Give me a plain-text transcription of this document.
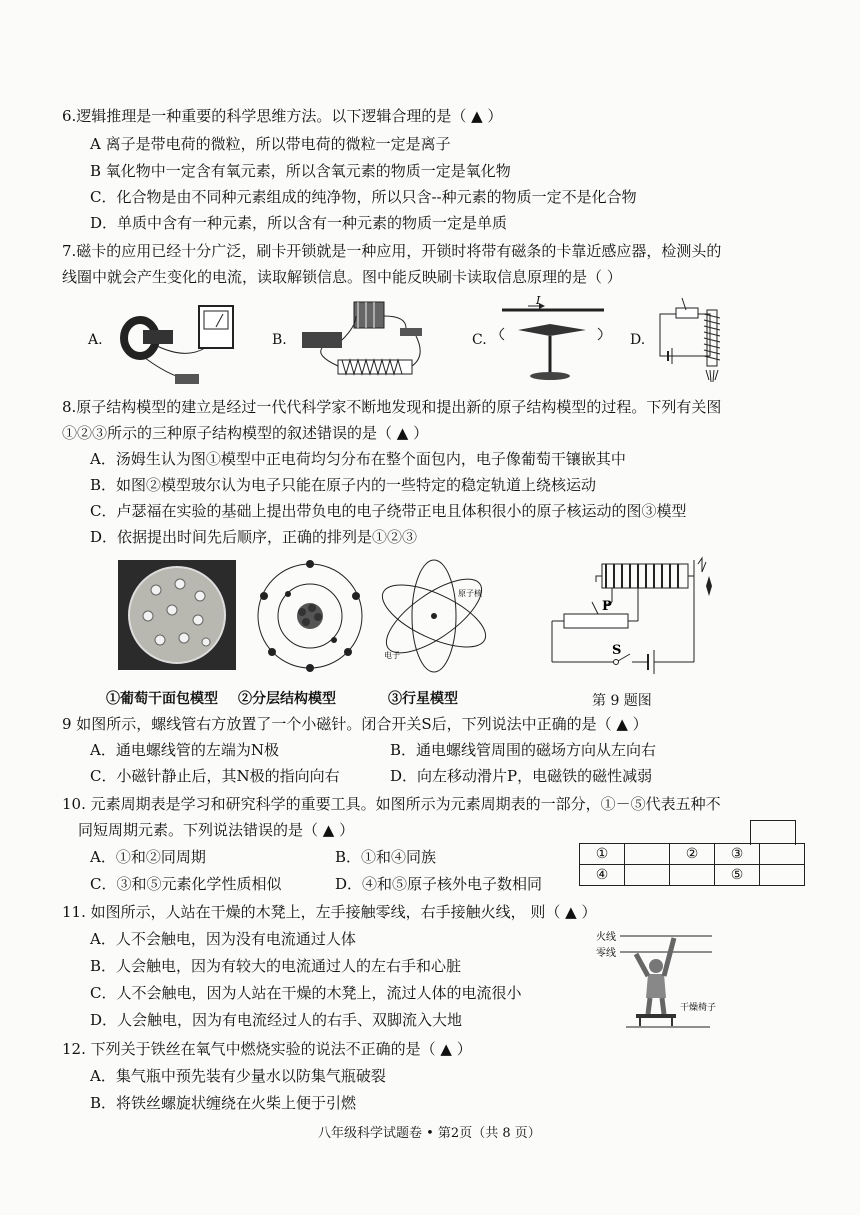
6.逻辑推理是一种重要的科学思维方法。以下逻辑合理的是（ ▲ ）
A 离子是带电荷的微粒，所以带电荷的微粒一定是离子
B 氧化物中一定含有氧元素，所以含氧元素的物质一定是氧化物
C．化合物是由不同种元素组成的纯净物，所以只含--种元素的物质一定不是化合物
D．单质中含有一种元素，所以含有一种元素的物质一定是单质
7.磁卡的应用已经十分广泛，刷卡开锁就是一种应用，开锁时将带有磁条的卡靠近感应器，检测头的
线圈中就会产生变化的电流，读取解锁信息。图中能反映刷卡读取信息原理的是（ ）
A.	B.	C.
I
D.
8.原子结构模型的建立是经过一代代科学家不断地发现和提出新的原子结构模型的过程。下列有关图
①②③所示的三种原子结构模型的叙述错误的是（ ▲ ）
A．汤姆生认为图①模型中正电荷均匀分布在整个面包内，电子像葡萄干镶嵌其中
B．如图②模型玻尔认为电子只能在原子内的一些特定的稳定轨道上绕核运动
C．卢瑟福在实验的基础上提出带负电的电子绕带正电且体积很小的原子核运动的图③模型
D．依据提出时间先后顺序，正确的排列是①②③
原子核
电子
①葡萄干面包模型 ②分层结构模型	③行星模型
P
S
第 9 题图
9 如图所示，螺线管右方放置了一个小磁针。闭合开关S后，下列说法中正确的是（ ▲ ）
A．通电螺线管的左端为N极	B．通电螺线管周围的磁场方向从左向右
C．小磁针静止后，其N极的指向向右	D．向左移动滑片P，电磁铁的磁性减弱
10. 元素周期表是学习和研究科学的重要工具。如图所示为元素周期表的一部分，①－⑤代表五种不
同短周期元素。下列说法错误的是（ ▲ ）
A．①和②同周期	B．①和④同族
C．③和⑤元素化学性质相似	D．④和⑤原子核外电子数相同
①		②	③	
④			⑤	
11. 如图所示，人站在干燥的木凳上，左手接触零线，右手接触火线， 则（ ▲ ）
A．人不会触电，因为没有电流通过人体
B．人会触电，因为有较大的电流通过人的左右手和心脏
C．人不会触电，因为人站在干燥的木凳上，流过人体的电流很小
D．人会触电，因为有电流经过人的右手、双脚流入大地
火线
零线
干燥椅子
12. 下列关于铁丝在氧气中燃烧实验的说法不正确的是（ ▲ ）
A．集气瓶中预先装有少量水以防集气瓶破裂
B．将铁丝螺旋状缠绕在火柴上便于引燃
八年级科学试题卷 • 第2页（共 8 页）
